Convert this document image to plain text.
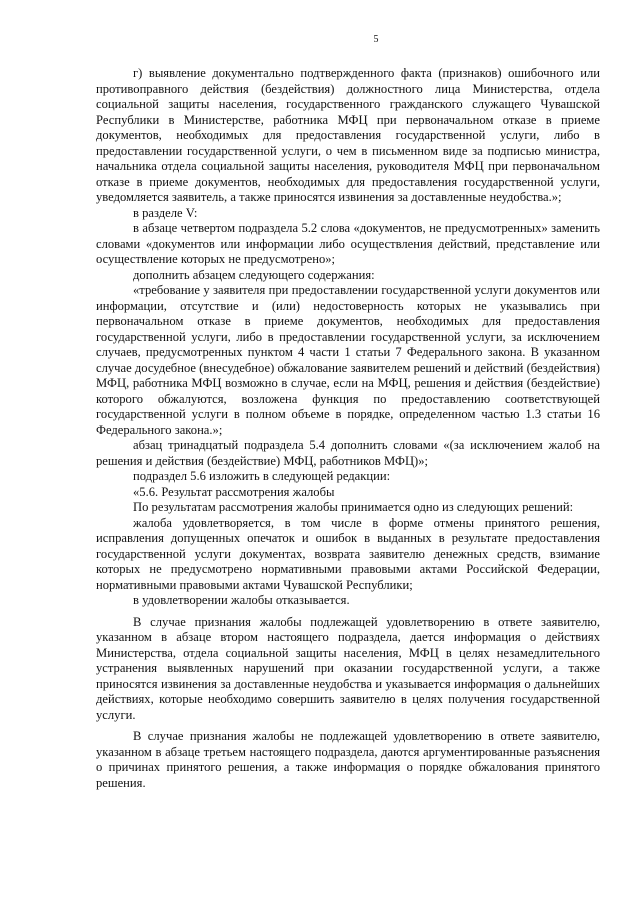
5

г) выявление документально подтвержденного факта (признаков) ошибочного или противоправного действия (бездействия) должностного лица Министерства, отдела социальной защиты населения, государственного гражданского служащего Чувашской Республики в Министерстве, работника МФЦ при первоначальном отказе в приеме документов, необходимых для предоставления государственной услуги, либо в предоставлении государственной услуги, о чем в письменном виде за подписью министра, начальника отдела социальной защиты населения, руководителя МФЦ при первоначальном отказе в приеме документов, необходимых для предоставления государственной услуги, уведомляется заявитель, а также приносятся извинения за доставленные неудобства.»;

в разделе V:

в абзаце четвертом подраздела 5.2 слова «документов, не предусмотренных» заменить словами «документов или информации либо осуществления действий, представление или осуществление которых не предусмотрено»;

дополнить абзацем следующего содержания:

«требование у заявителя при предоставлении государственной услуги документов или информации, отсутствие и (или) недостоверность которых не указывались при первоначальном отказе в приеме документов, необходимых для предоставления государственной услуги, либо в предоставлении государственной услуги, за исключением случаев, предусмотренных пунктом 4 части 1 статьи 7 Федерального закона. В указанном случае досудебное (внесудебное) обжалование заявителем решений и действий (бездействия) МФЦ, работника МФЦ возможно в случае, если на МФЦ, решения и действия (бездействие) которого обжалуются, возложена функция по предоставлению соответствующей государственной услуги в полном объеме в порядке, определенном частью 1.3 статьи 16 Федерального закона.»;

абзац тринадцатый подраздела 5.4 дополнить словами «(за исключением жалоб на решения и действия (бездействие) МФЦ, работников МФЦ)»;

подраздел 5.6 изложить в следующей редакции:

«5.6. Результат рассмотрения жалобы

По результатам рассмотрения жалобы принимается одно из следующих решений:

жалоба удовлетворяется, в том числе в форме отмены принятого решения, исправления допущенных опечаток и ошибок в выданных в результате предоставления государственной услуги документах, возврата заявителю денежных средств, взимание которых не предусмотрено нормативными правовыми актами Российской Федерации, нормативными правовыми актами Чувашской Республики;

в удовлетворении жалобы отказывается.

В случае признания жалобы подлежащей удовлетворению в ответе заявителю, указанном в абзаце втором настоящего подраздела, дается информация о действиях Министерства, отдела социальной защиты населения, МФЦ в целях незамедлительного устранения выявленных нарушений при оказании государственной услуги, а также приносятся извинения за доставленные неудобства и указывается информация о дальнейших действиях, которые необходимо совершить заявителю в целях получения государственной услуги.

В случае признания жалобы не подлежащей удовлетворению в ответе заявителю, указанном в абзаце третьем настоящего подраздела, даются аргументированные разъяснения о причинах принятого решения, а также информация о порядке обжалования принятого решения.
